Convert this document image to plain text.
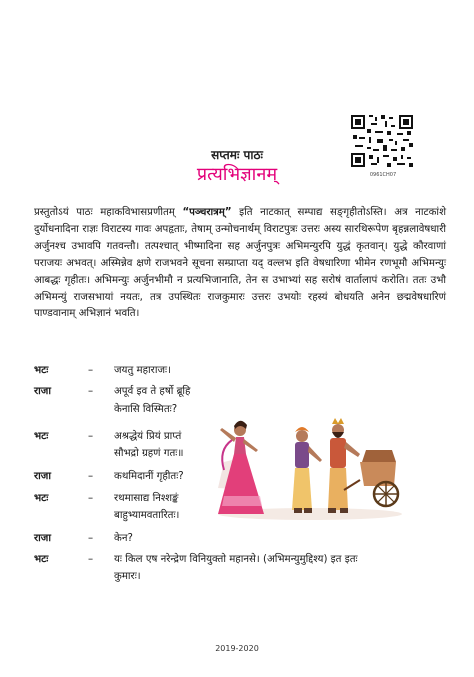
0961CH07
सप्तमः पाठः
प्रत्यभिज्ञानम्

प्रस्तुतोऽयं पाठः महाकविभासप्रणीतम् “पञ्चरात्रम्” इति नाटकात् सम्पाद्य सङ्गृहीतोऽस्ति। अत्र नाटकांशे दुर्योधनादिना राज्ञः विराटस्य गावः अपहृताः, तेषाम् उन्मोचनार्थम् विराटपुत्रः उत्तरः अस्य सारथिरूपेण बृहन्नलावेषधारी अर्जुनश्च उभावपि गतवन्तौ। तत्पश्चात् भीष्मादिना सह अर्जुनपुत्रः अभिमन्युरपि युद्धं कृतवान्। युद्धे कौरवाणां पराजयः अभवत्। अस्मिन्नेव क्षणे राजभवने सूचना सम्प्राप्ता यद् वल्लभ इति वेषधारिणा भीमेन रणभूमौ अभिमन्युः आबद्धः गृहीतः। अभिमन्युः अर्जुनभीमौ न प्रत्यभिजानाति, तेन स उभाभ्यां सह सरोषं वार्तालापं करोति। ततः उभौ अभिमन्युं राजसभायां नयतः, तत्र उपस्थितः राजकुमारः उत्तरः उभयोः रहस्यं बोधयति अनेन छद्मवेषधारिणं पाण्डवानाम् अभिज्ञानं भवति।

भटः	– जयतु महाराजः।
राजा	– अपूर्व इव ते हर्षो ब्रूहि
केनासि विस्मितः?
भटः	– अश्रद्धेयं प्रियं प्राप्तं
सौभद्रो ग्रहणं गतः॥
राजा	– कथमिदानीं गृहीतः?
भटः	– रथमासाद्य निश्शङ्कं
बाहुभ्यामवतारितः।
राजा	– केन?
भटः	– यः किल एष नरेन्द्रेण विनियुक्तो महानसे। (अभिमन्युमुद्दिश्य) इत इतः
कुमारः।
2019-2020
